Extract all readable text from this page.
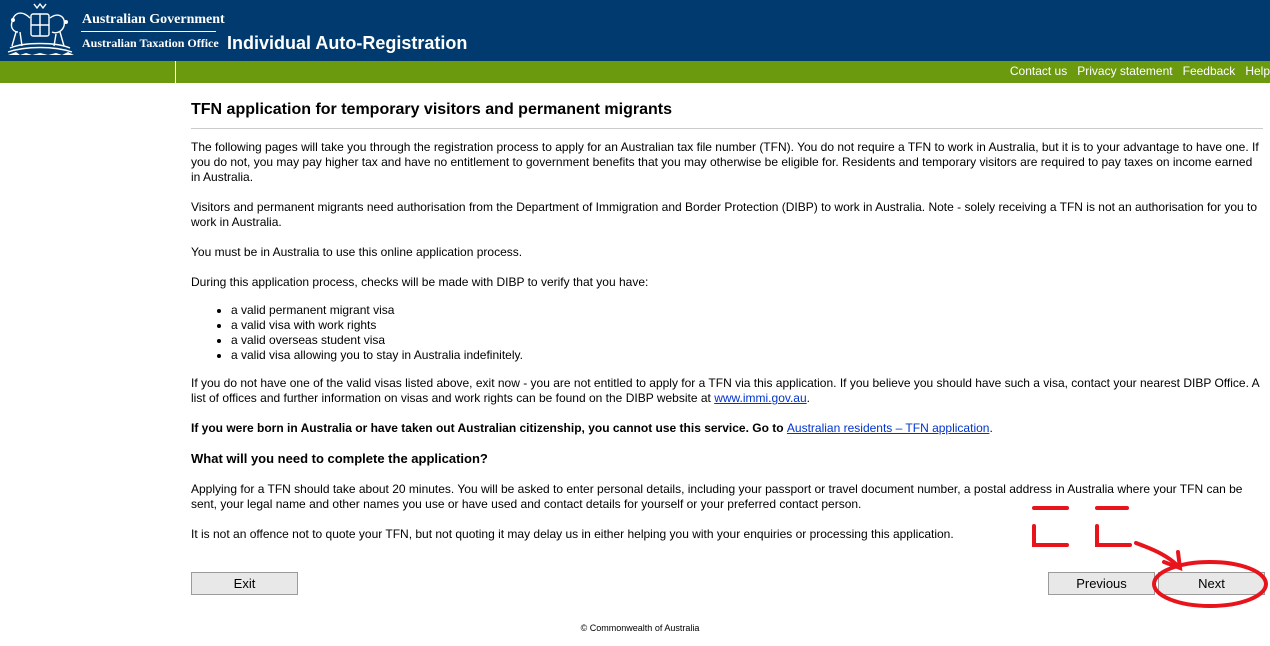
Australian Government
Australian Taxation Office Individual Auto-Registration
Contact us Privacy statement Feedback Help
TFN application for temporary visitors and permanent migrants

The following pages will take you through the registration process to apply for an Australian tax file number (TFN). You do not require a TFN to work in Australia, but it is to your advantage to have one. If you do not, you may pay higher tax and have no entitlement to government benefits that you may otherwise be eligible for. Residents and temporary visitors are required to pay taxes on income earned in Australia.

Visitors and permanent migrants need authorisation from the Department of Immigration and Border Protection (DIBP) to work in Australia. Note - solely receiving a TFN is not an authorisation for you to work in Australia.

You must be in Australia to use this online application process.

During this application process, checks will be made with DIBP to verify that you have:

• a valid permanent migrant visa
• a valid visa with work rights
• a valid overseas student visa
• a valid visa allowing you to stay in Australia indefinitely.

If you do not have one of the valid visas listed above, exit now - you are not entitled to apply for a TFN via this application. If you believe you should have such a visa, contact your nearest DIBP Office. A list of offices and further information on visas and work rights can be found on the DIBP website at www.immi.gov.au.

If you were born in Australia or have taken out Australian citizenship, you cannot use this service. Go to Australian residents – TFN application.

What will you need to complete the application?

Applying for a TFN should take about 20 minutes. You will be asked to enter personal details, including your passport or travel document number, a postal address in Australia where your TFN can be sent, your legal name and other names you use or have used and contact details for yourself or your preferred contact person.

It is not an offence not to quote your TFN, but not quoting it may delay us in either helping you with your enquiries or processing this application.

Exit	Previous	Next
© Commonwealth of Australia
